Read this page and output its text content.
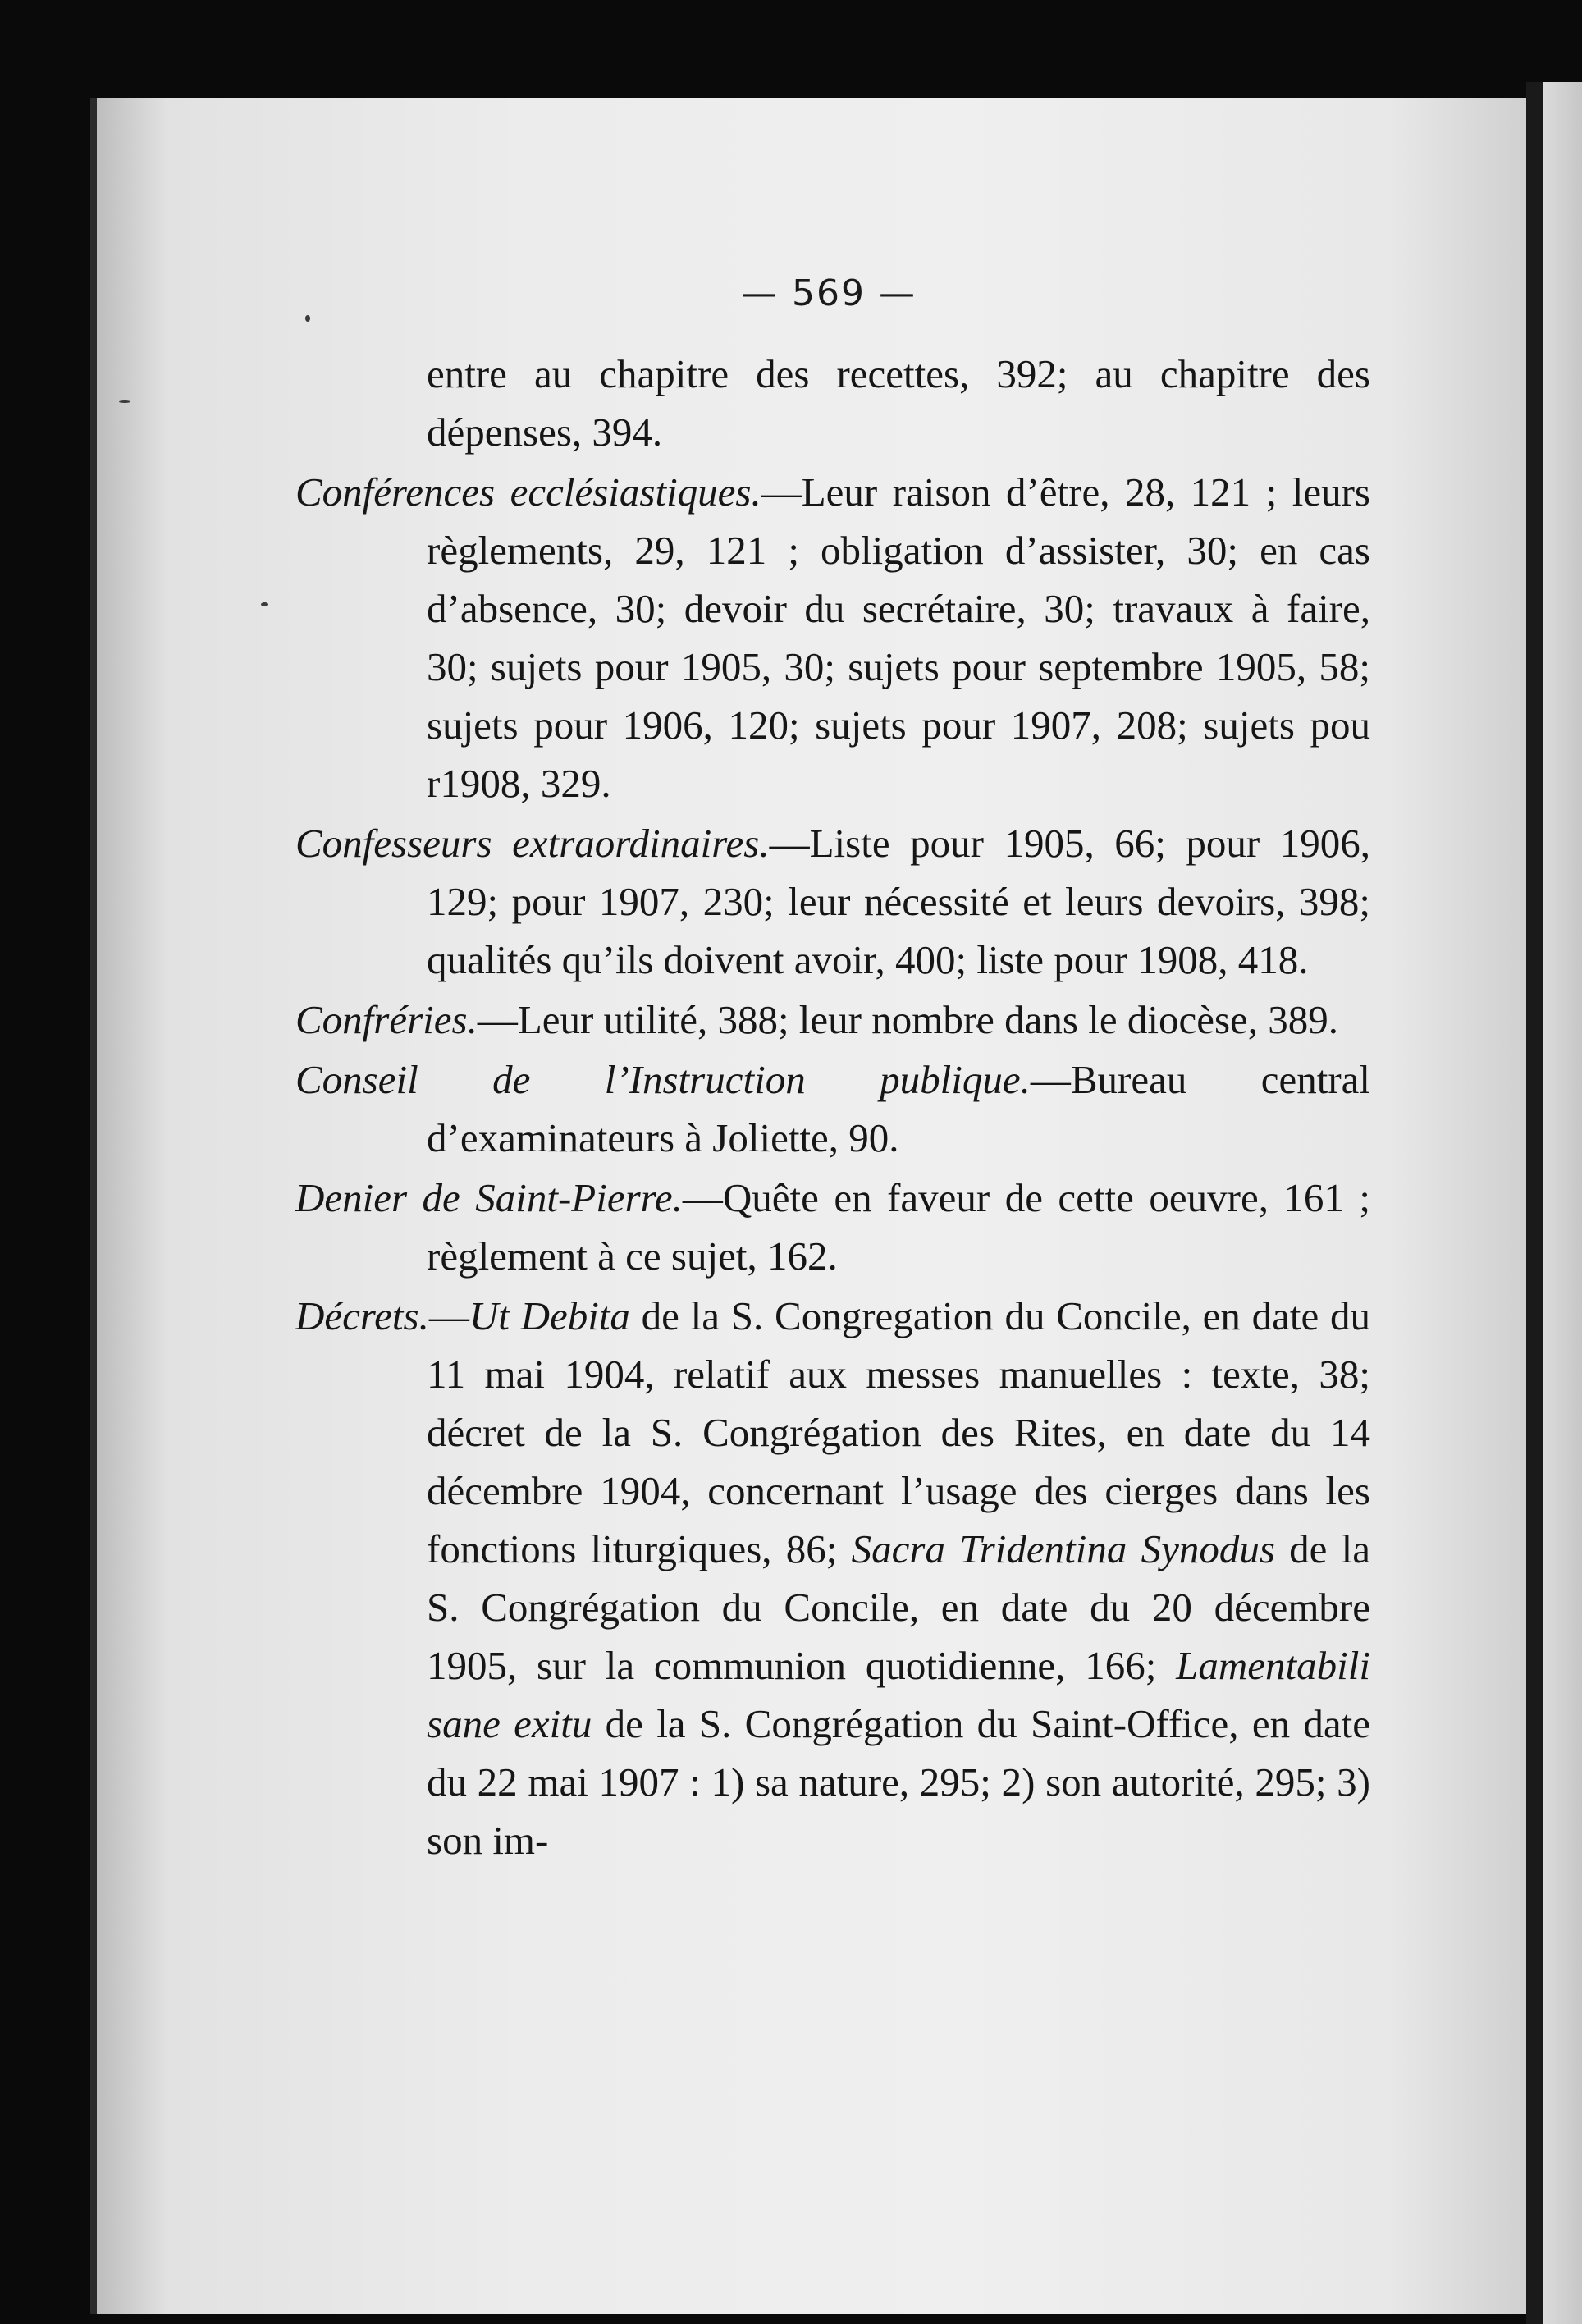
— 569 —

entre au chapitre des recettes, 392; au chapitre des dépenses, 394.

Conférences ecclésiastiques.—Leur raison d’être, 28, 121 ; leurs règlements, 29, 121 ; obligation d’assister, 30; en cas d’absence, 30; devoir du secrétaire, 30; travaux à faire, 30; sujets pour 1905, 30; sujets pour septembre 1905, 58; sujets pour 1906, 120; sujets pour 1907, 208; sujets pou r1908, 329.

Confesseurs extraordinaires.—Liste pour 1905, 66; pour 1906, 129; pour 1907, 230; leur nécessité et leurs devoirs, 398; qualités qu’ils doivent avoir, 400; liste pour 1908, 418.

Confréries.—Leur utilité, 388; leur nombre dans le diocèse, 389.

Conseil de l’Instruction publique.—Bureau central d’examinateurs à Joliette, 90.

Denier de Saint-Pierre.—Quête en faveur de cette oeuvre, 161 ; règlement à ce sujet, 162.

Décrets.—Ut Debita de la S. Congregation du Concile, en date du 11 mai 1904, relatif aux messes manuelles : texte, 38; décret de la S. Congrégation des Rites, en date du 14 décembre 1904, concernant l’usage des cierges dans les fonctions liturgiques, 86; Sacra Tridentina Synodus de la S. Congrégation du Concile, en date du 20 décembre 1905, sur la communion quotidienne, 166; Lamentabili sane exitu de la S. Congrégation du Saint-Office, en date du 22 mai 1907 : 1) sa nature, 295; 2) son autorité, 295; 3) son im-
